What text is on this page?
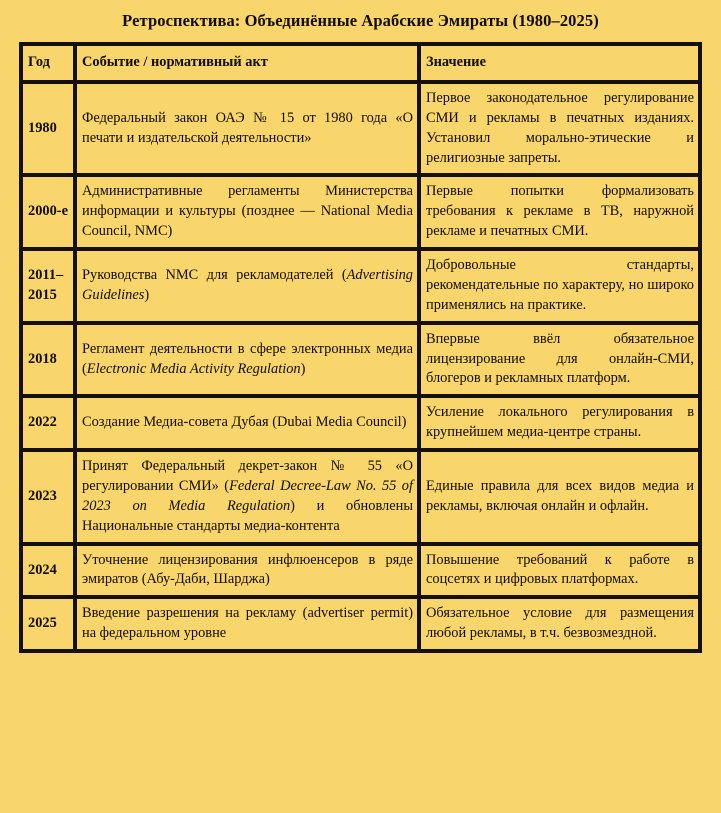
Ретроспектива: Объединённые Арабские Эмираты (1980–2025)
Год	Событие / нормативный акт	Значение
1980	Федеральный закон ОАЭ № 15 от 1980 года «О печати и издательской деятельности»	Первое законодательное регулирование СМИ и рекламы в печатных изданиях. Установил морально-этические и религиозные запреты.
2000-е	Административные регламенты Министерства информации и культуры (позднее — National Media Council, NMC)	Первые попытки формализовать требования к рекламе в ТВ, наружной рекламе и печатных СМИ.
2011–2015	Руководства NMC для рекламодателей (Advertising Guidelines)	Добровольные стандарты, рекомендательные по характеру, но широко применялись на практике.
2018	Регламент деятельности в сфере электронных медиа (Electronic Media Activity Regulation)	Впервые ввёл обязательное лицензирование для онлайн-СМИ, блогеров и рекламных платформ.
2022	Создание Медиа-совета Дубая (Dubai Media Council)	Усиление локального регулирования в крупнейшем медиа-центре страны.
2023	Принят Федеральный декрет-закон № 55 «О регулировании СМИ» (Federal Decree-Law No. 55 of 2023 on Media Regulation) и обновлены Национальные стандарты медиа-контента	Единые правила для всех видов медиа и рекламы, включая онлайн и офлайн.
2024	Уточнение лицензирования инфлюенсеров в ряде эмиратов (Абу-Даби, Шарджа)	Повышение требований к работе в соцсетях и цифровых платформах.
2025	Введение разрешения на рекламу (advertiser permit) на федеральном уровне	Обязательное условие для размещения любой рекламы, в т.ч. безвозмездной.
